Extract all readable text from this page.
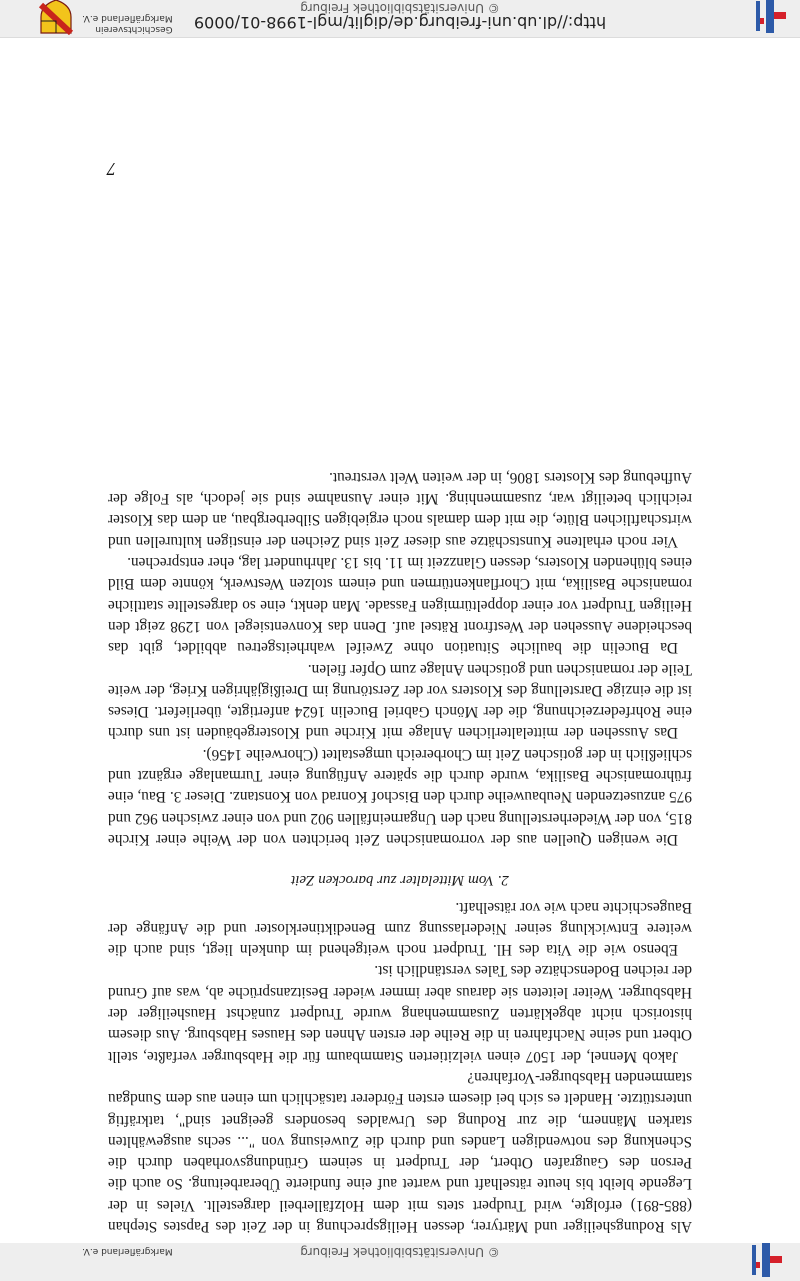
© Universitätsbibliothek Freiburg
Markgräflerland e.V.

Als Rodungsheiliger und Märtyrer, dessen Heiligsprechung in der Zeit des Papstes Stephan (885-891) erfolgte, wird Trudpert stets mit dem Holzfällerbeil dargestellt. Vieles in der Legende bleibt bis heute rätselhaft und wartet auf eine fundierte Überarbeitung. So auch die Person des Gaugrafen Otbert, der Trudpert in seinem Gründungsvorhaben durch die Schenkung des notwendigen Landes und durch die Zuweisung von "... sechs ausgewählten starken Männern, die zur Rodung des Urwaldes besonders geeignet sind", tatkräftig unterstützte. Handelt es sich bei diesem ersten Förderer tatsächlich um einen aus dem Sundgau stammenden Habsburger-Vorfahren?

Jakob Mennel, der 1507 einen vielzitierten Stammbaum für die Habsburger verfaßte, stellt Otbert und seine Nachfahren in die Reihe der ersten Ahnen des Hauses Habsburg. Aus diesem historisch nicht abgeklärten Zusammenhang wurde Trudpert zunächst Hausheiliger der Habsburger. Weiter leiteten sie daraus aber immer wieder Besitzansprüche ab, was auf Grund der reichen Bodenschätze des Tales verständlich ist.

Ebenso wie die Vita des Hl. Trudpert noch weitgehend im dunkeln liegt, sind auch die weitere Entwicklung seiner Niederlassung zum Benediktinerkloster und die Anfänge der Baugeschichte nach wie vor rätselhaft.

2. Vom Mittelalter zur barocken Zeit

Die wenigen Quellen aus der vorromanischen Zeit berichten von der Weihe einer Kirche 815, von der Wiederherstellung nach den Ungarneinfällen 902 und von einer zwischen 962 und 975 anzusetzenden Neubauweihe durch den Bischof Konrad von Konstanz. Dieser 3. Bau, eine frühromanische Basilika, wurde durch die spätere Anfügung einer Turmanlage ergänzt und schließlich in der gotischen Zeit im Chorbereich umgestaltet (Chorweihe 1456).

Das Aussehen der mittelalterlichen Anlage mit Kirche und Klostergebäuden ist uns durch eine Rohrfederzeichnung, die der Mönch Gabriel Bucelin 1624 anfertigte, überliefert. Dieses ist die einzige Darstellung des Klosters vor der Zerstörung im Dreißigjährigen Krieg, der weite Teile der romanischen und gotischen Anlage zum Opfer fielen.

Da Bucelin die bauliche Situation ohne Zweifel wahrheitsgetreu abbildet, gibt das bescheidene Aussehen der Westfront Rätsel auf. Denn das Konventsiegel von 1298 zeigt den Heiligen Trudpert vor einer doppeltürmigen Fassade. Man denkt, eine so dargestellte stattliche romanische Basilika, mit Chorflankentürmen und einem stolzen Westwerk, könnte dem Bild eines blühenden Klosters, dessen Glanzzeit im 11. bis 13. Jahrhundert lag, eher entsprechen.

Vier noch erhaltene Kunstschätze aus dieser Zeit sind Zeichen der einstigen kulturellen und wirtschaftlichen Blüte, die mit dem damals noch ergiebigen Silberbergbau, an dem das Kloster reichlich beteiligt war, zusammenhing. Mit einer Ausnahme sind sie jedoch, als Folge der Aufhebung des Klosters 1806, in der weiten Welt verstreut.

7
http://dl.ub.uni-freiburg.de/diglit/mgl-1998-01/0009
© Universitätsbibliothek Freiburg
Geschichtsverein
Markgräflerland e.V.
